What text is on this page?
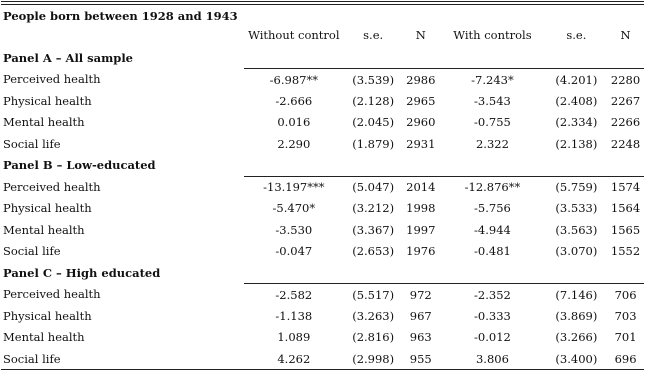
People born between 1928 and 1943						
	Without control	s.e.	N	With controls	s.e.	N
Panel A – All sample						
Perceived health	-6.987**	(3.539)	2986	-7.243*	(4.201)	2280
Physical health	-2.666	(2.128)	2965	-3.543	(2.408)	2267
Mental health	0.016	(2.045)	2960	-0.755	(2.334)	2266
Social life	2.290	(1.879)	2931	2.322	(2.138)	2248
Panel B – Low-educated						
Perceived health	-13.197***	(5.047)	2014	-12.876**	(5.759)	1574
Physical health	-5.470*	(3.212)	1998	-5.756	(3.533)	1564
Mental health	-3.530	(3.367)	1997	-4.944	(3.563)	1565
Social life	-0.047	(2.653)	1976	-0.481	(3.070)	1552
Panel C – High educated						
Perceived health	-2.582	(5.517)	972	-2.352	(7.146)	706
Physical health	-1.138	(3.263)	967	-0.333	(3.869)	703
Mental health	1.089	(2.816)	963	-0.012	(3.266)	701
Social life	4.262	(2.998)	955	3.806	(3.400)	696
